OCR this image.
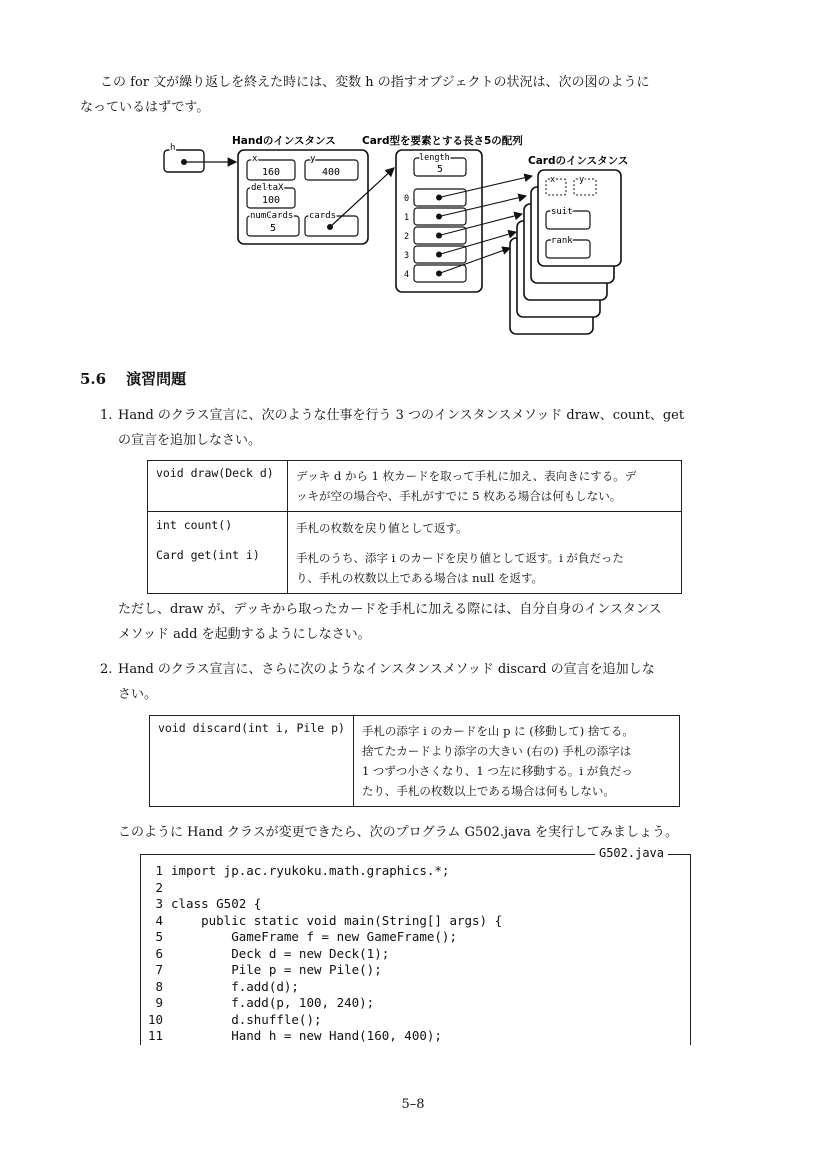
この for 文が繰り返しを終えた時には、変数 h の指すオブジェクトの状況は、次の図のように
なっているはずです。
h
Handのインスタンス
x
160
y
400
deltaX
100
numCards
5
cards
Card型を要素とする長さ5の配列
length
5
0
1
2
3
4
Cardのインスタンス
x	y
suit
rank
5.6 演習問題
1. Hand のクラス宣言に、次のような仕事を行う 3 つのインスタンスメソッド draw、count、get
の宣言を追加しなさい。
void draw(Deck d)	デッキ d から 1 枚カードを取って手札に加え、表向きにする。デ
ッキが空の場合や、手札がすでに 5 枚ある場合は何もしない。

int count()	手札の枚数を戻り値として返す。
Card get(int i)	手札のうち、添字 i のカードを戻り値として返す。i が負だった
り、手札の枚数以上である場合は null を返す。
ただし、draw が、デッキから取ったカードを手札に加える際には、自分自身のインスタンス
メソッド add を起動するようにしなさい。
2. Hand のクラス宣言に、さらに次のようなインスタンスメソッド discard の宣言を追加しな
さい。
void discard(int i, Pile p)	手札の添字 i のカードを山 p に (移動して) 捨てる。
捨てたカードより添字の大きい (右の) 手札の添字は
1 つずつ小さくなり、1 つ左に移動する。i が負だっ
たり、手札の枚数以上である場合は何もしない。
このように Hand クラスが変更できたら、次のプログラム G502.java を実行してみましょう。
G502.java
1 import jp.ac.ryukoku.math.graphics.*;
2
3 class G502 {
4    public static void main(String[] args) {
5        GameFrame f = new GameFrame();
6        Deck d = new Deck(1);
7        Pile p = new Pile();
8        f.add(d);
9        f.add(p, 100, 240);
10        d.shuffle();
11        Hand h = new Hand(160, 400);
5–8
